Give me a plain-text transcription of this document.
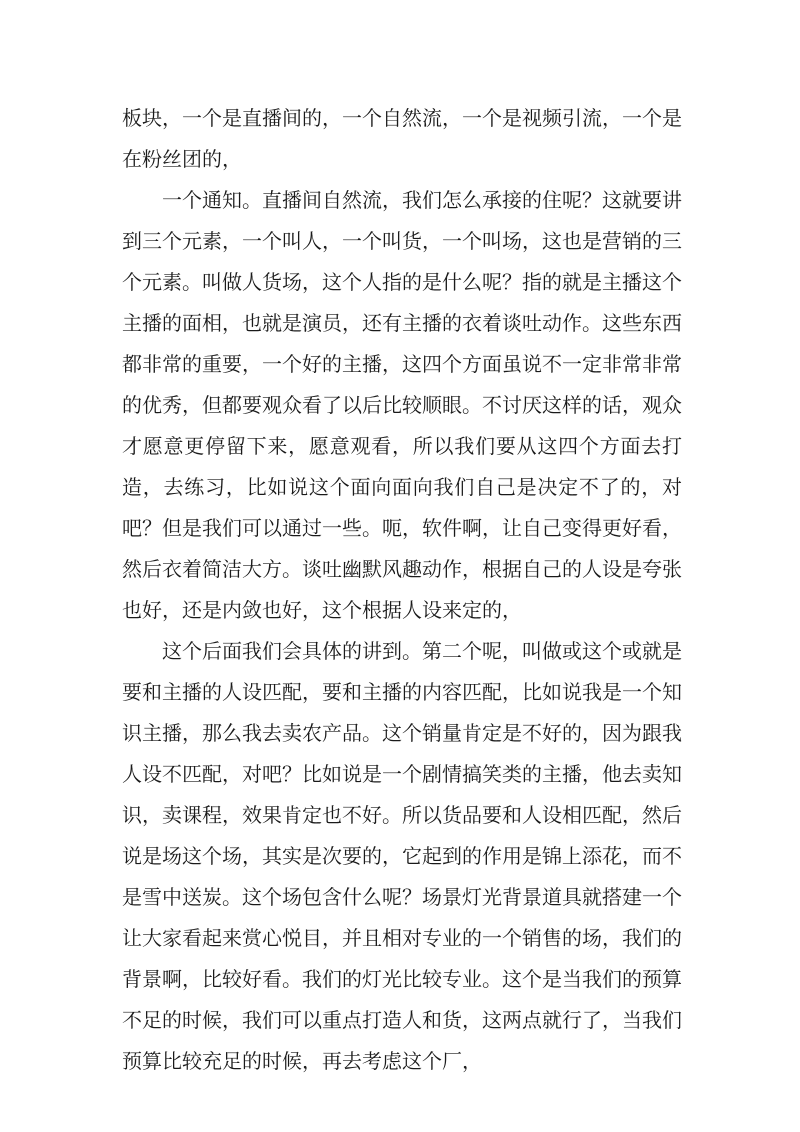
板块，一个是直播间的，一个自然流，一个是视频引流，一个是在粉丝团的，

一个通知。直播间自然流，我们怎么承接的住呢？这就要讲到三个元素，一个叫人，一个叫货，一个叫场，这也是营销的三个元素。叫做人货场，这个人指的是什么呢？指的就是主播这个主播的面相，也就是演员，还有主播的衣着谈吐动作。这些东西都非常的重要，一个好的主播，这四个方面虽说不一定非常非常的优秀，但都要观众看了以后比较顺眼。不讨厌这样的话，观众才愿意更停留下来，愿意观看，所以我们要从这四个方面去打造，去练习，比如说这个面向面向我们自己是决定不了的，对吧？但是我们可以通过一些。呃，软件啊，让自己变得更好看，然后衣着简洁大方。谈吐幽默风趣动作，根据自己的人设是夸张也好，还是内敛也好，这个根据人设来定的，

这个后面我们会具体的讲到。第二个呢，叫做或这个或就是要和主播的人设匹配，要和主播的内容匹配，比如说我是一个知识主播，那么我去卖农产品。这个销量肯定是不好的，因为跟我人设不匹配，对吧？比如说是一个剧情搞笑类的主播，他去卖知识，卖课程，效果肯定也不好。所以货品要和人设相匹配，然后说是场这个场，其实是次要的，它起到的作用是锦上添花，而不是雪中送炭。这个场包含什么呢？场景灯光背景道具就搭建一个让大家看起来赏心悦目，并且相对专业的一个销售的场，我们的背景啊，比较好看。我们的灯光比较专业。这个是当我们的预算不足的时候，我们可以重点打造人和货，这两点就行了，当我们预算比较充足的时候，再去考虑这个厂，
